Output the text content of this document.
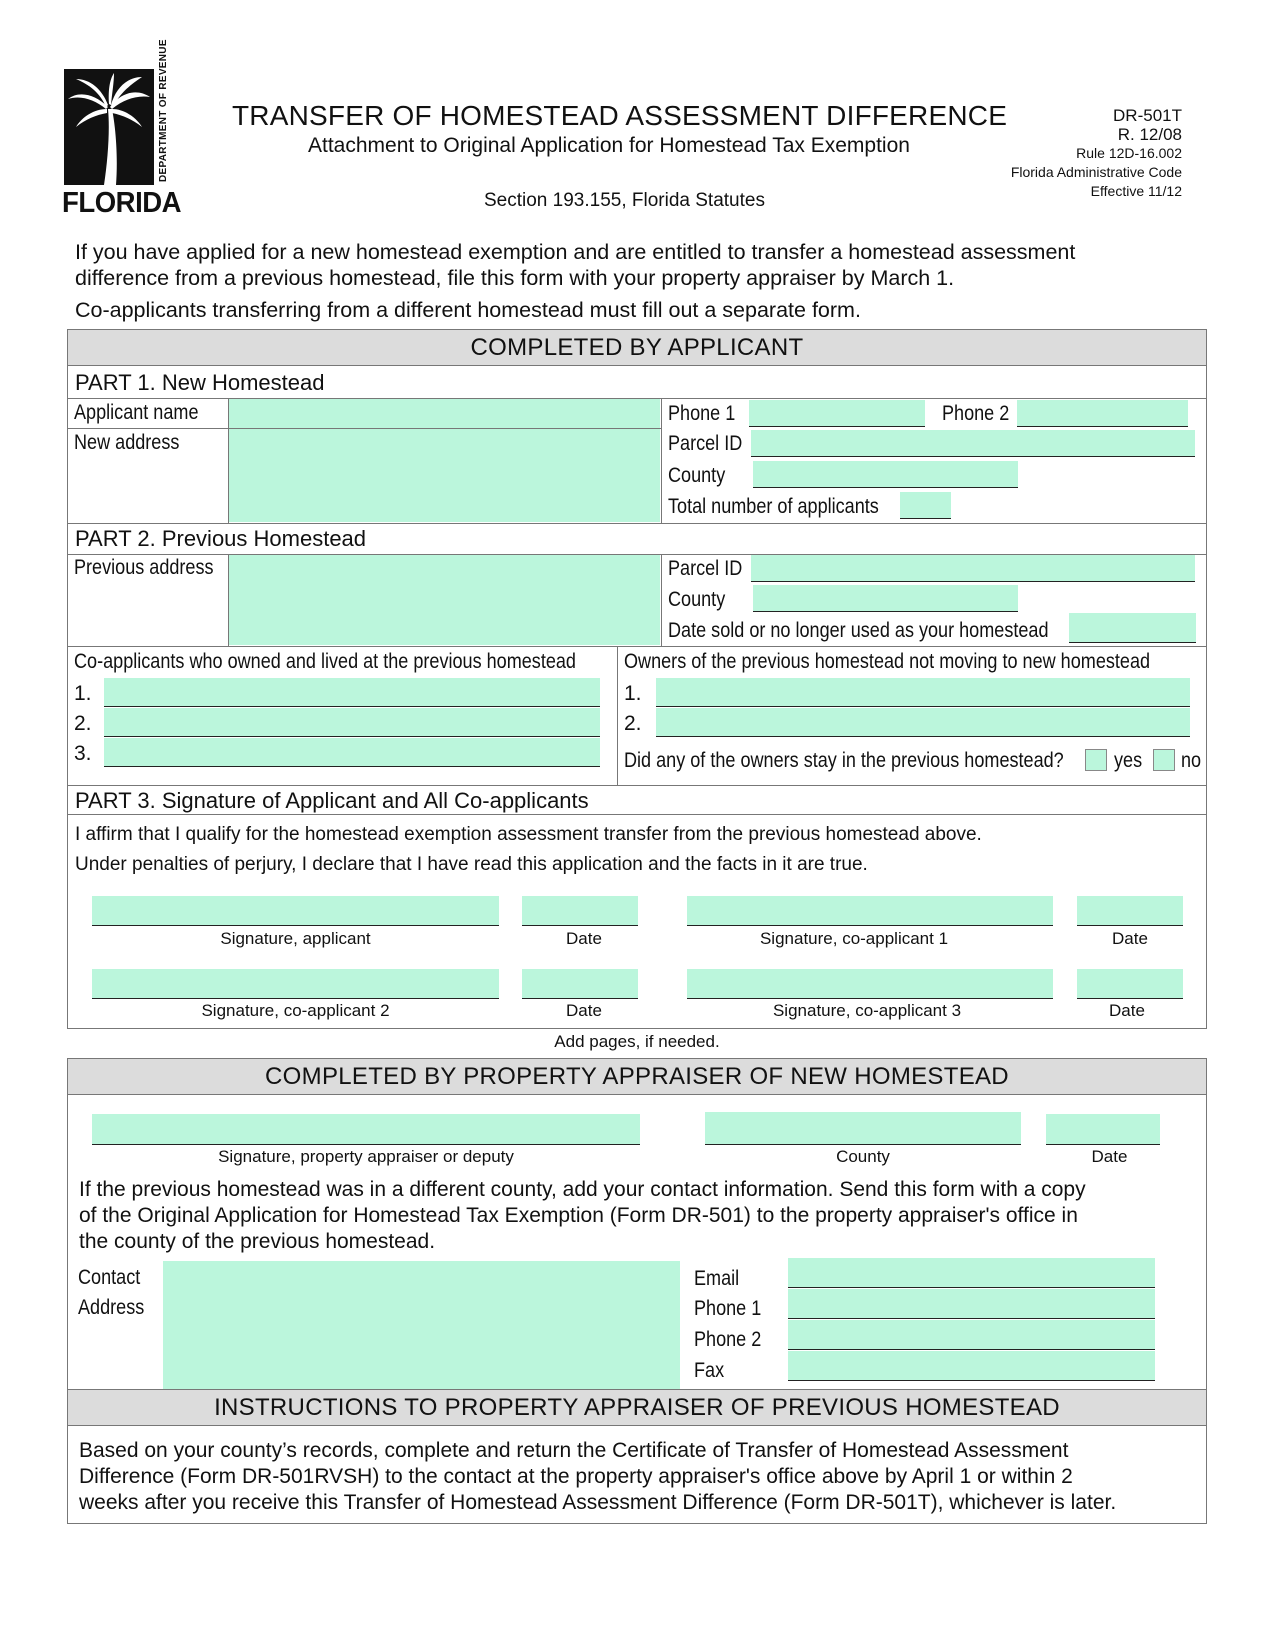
DEPARTMENT OF REVENUE
FLORIDA
TRANSFER OF HOMESTEAD ASSESSMENT DIFFERENCE
Attachment to Original Application for Homestead Tax Exemption
Section 193.155, Florida Statutes
DR-501T
R. 12/08
Rule 12D-16.002
Florida Administrative Code
Effective 11/12
If you have applied for a new homestead exemption and are entitled to transfer a homestead assessment
difference from a previous homestead, file this form with your property appraiser by March 1.
Co-applicants transferring from a different homestead must fill out a separate form.
COMPLETED BY APPLICANT
PART 1. New Homestead
Applicant name
New address
Phone 1	Phone 2
Parcel ID
County
Total number of applicants
PART 2. Previous Homestead
Previous address	Parcel ID
County
Date sold or no longer used as your homestead
Co-applicants who owned and lived at the previous homestead
1.
2.
3.
Owners of the previous homestead not moving to new homestead
1.
2.
Did any of the owners stay in the previous homestead?	yes no
PART 3. Signature of Applicant and All Co-applicants
I affirm that I qualify for the homestead exemption assessment transfer from the previous homestead above.
Under penalties of perjury, I declare that I have read this application and the facts in it are true.
Signature, applicant	Date	Signature, co-applicant 1	Date
Signature, co-applicant 2	Date	Signature, co-applicant 3	Date
Add pages, if needed.
COMPLETED BY PROPERTY APPRAISER OF NEW HOMESTEAD
Signature, property appraiser or deputy	County	Date
If the previous homestead was in a different county, add your contact information. Send this form with a copy
of the Original Application for Homestead Tax Exemption (Form DR-501) to the property appraiser's office in
the county of the previous homestead.
Contact
Address
Email
Phone 1
Phone 2
Fax
INSTRUCTIONS TO PROPERTY APPRAISER OF PREVIOUS HOMESTEAD
Based on your county’s records, complete and return the Certificate of Transfer of Homestead Assessment
Difference (Form DR-501RVSH) to the contact at the property appraiser's office above by April 1 or within 2
weeks after you receive this Transfer of Homestead Assessment Difference (Form DR-501T), whichever is later.
